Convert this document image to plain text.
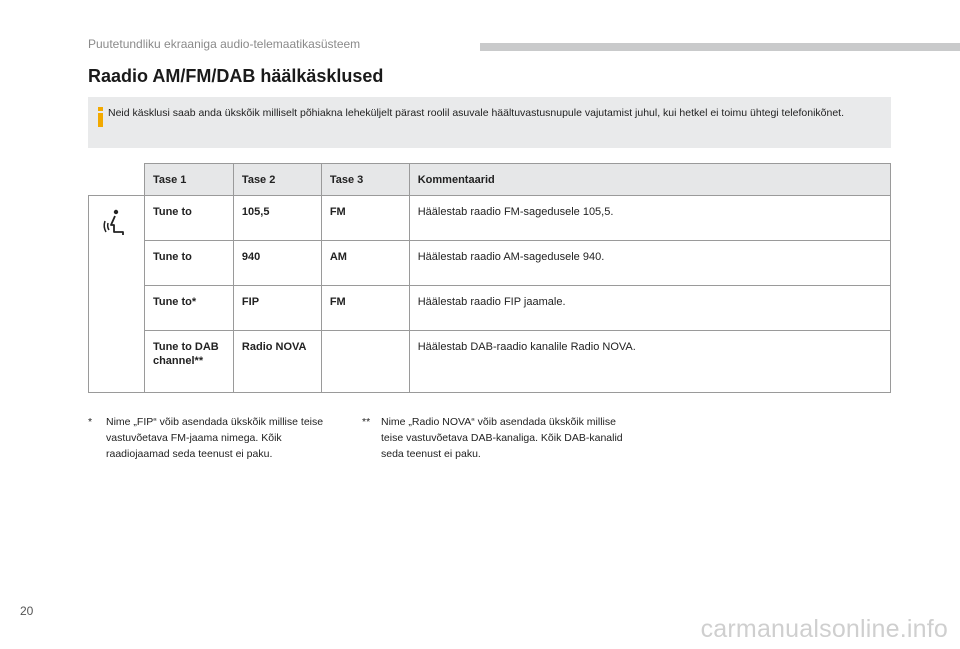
Puutetundliku ekraaniga audio-telemaatikasüsteem
Raadio AM/FM/DAB häälkäsklused
Neid käsklusi saab anda ükskõik milliselt põhiakna leheküljelt pärast roolil asuvale häältuvastusnupule vajutamist juhul, kui hetkel ei toimu ühtegi telefonikõnet.
	Tase 1	Tase 2	Tase 3	Kommentaarid

	Tune to	105,5	FM	Häälestab raadio FM-sagedusele 105,5.
	Tune to	940	AM	Häälestab raadio AM-sagedusele 940.
	Tune to*	FIP	FM	Häälestab raadio FIP jaamale.
	Tune to DAB channel**	Radio NOVA		Häälestab DAB-raadio kanalile Radio NOVA.
* Nime „FIP“ võib asendada ükskõik millise teise vastuvõetava FM-jaama nimega. Kõik raadiojaamad seda teenust ei paku.
** Nime „Radio NOVA“ võib asendada ükskõik millise teise vastuvõetava DAB-kanaliga. Kõik DAB-kanalid seda teenust ei paku.
20
carmanualsonline.info
